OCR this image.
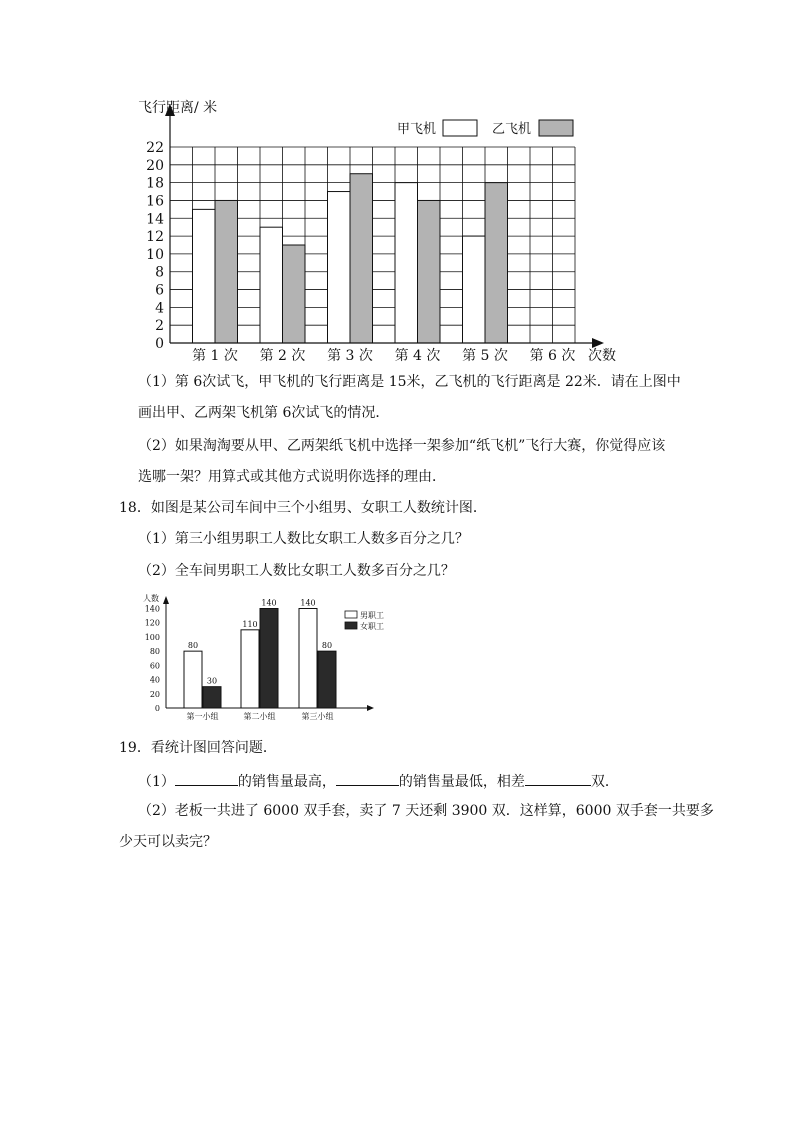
0
2
4
6
8
10
12
14
16
18
20
22
第 1 次 第 2 次 第 3 次 第 4 次 第 5 次 第 6 次
飞行距离/ 米
次数
甲飞机	乙飞机
（1）第 6次试飞，甲飞机的飞行距离是 15米，乙飞机的飞行距离是 22米．请在上图中
画出甲、乙两架飞机第 6次试飞的情况．
（2）如果淘淘要从甲、乙两架纸飞机中选择一架参加“纸飞机”飞行大赛，你觉得应该
选哪一架？用算式或其他方式说明你选择的理由．
18．如图是某公司车间中三个小组男、女职工人数统计图．
（1）第三小组男职工人数比女职工人数多百分之几？
（2）全车间男职工人数比女职工人数多百分之几？
80
30
110
140	140
80
0
20
40
60
80
100
120
140
第一小组	第二小组	第三小组
人数
男职工
女职工
19．看统计图回答问题．
（1）	的销售量最高，	的销售量最低，相差	双．
（2）老板一共进了 6000 双手套，卖了 7 天还剩 3900 双．这样算，6000 双手套一共要多
少天可以卖完？
